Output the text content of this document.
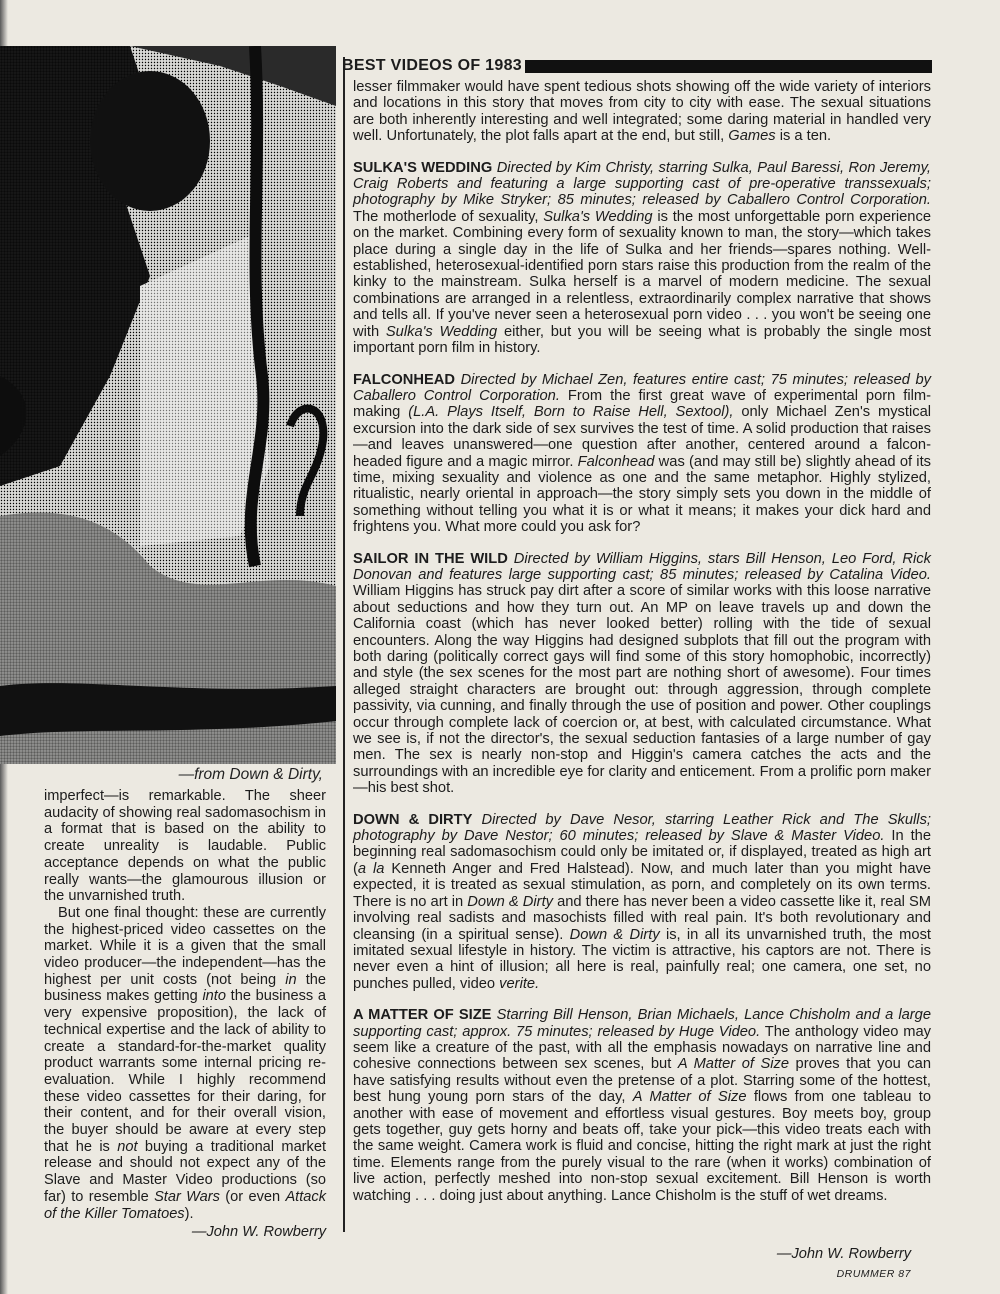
—from Down & Dirty,

imperfect—is remarkable. The sheer audacity of showing real sadomasochism in a format that is based on the ability to create unreality is laudable. Public acceptance depends on what the public really wants—the glamourous illusion or the unvarnished truth.

But one final thought: these are currently the highest-priced video cassettes on the market. While it is a given that the small video producer—the independent—has the highest per unit costs (not being in the business makes getting into the business a very expensive proposition), the lack of technical expertise and the lack of ability to create a standard-for-the-market quality product warrants some internal pricing re-evaluation. While I highly recommend these video cassettes for their daring, for their content, and for their overall vision, the buyer should be aware at every step that he is not buying a traditional market release and should not expect any of the Slave and Master Video productions (so far) to resemble Star Wars (or even Attack of the Killer Tomatoes).

—John W. Rowberry
BEST VIDEOS OF 1983

lesser filmmaker would have spent tedious shots showing off the wide variety of interiors and locations in this story that moves from city to city with ease. The sexual situations are both inherently interesting and well integrated; some daring material in handled very well. Unfortunately, the plot falls apart at the end, but still, Games is a ten.

SULKA'S WEDDING Directed by Kim Christy, starring Sulka, Paul Baressi, Ron Jeremy, Craig Roberts and featuring a large supporting cast of pre-operative transsexuals; photography by Mike Stryker; 85 minutes; released by Caballero Control Corporation. The motherlode of sexuality, Sulka's Wedding is the most unforgettable porn experience on the market. Combining every form of sexuality known to man, the story—which takes place during a single day in the life of Sulka and her friends—spares nothing. Well-established, heterosexual-identified porn stars raise this production from the realm of the kinky to the mainstream. Sulka herself is a marvel of modern medicine. The sexual combinations are arranged in a relentless, extraordinarily complex narrative that shows and tells all. If you've never seen a heterosexual porn video . . . you won't be seeing one with Sulka's Wedding either, but you will be seeing what is probably the single most important porn film in history.

FALCONHEAD Directed by Michael Zen, features entire cast; 75 minutes; released by Caballero Control Corporation. From the first great wave of experimental porn film-making (L.A. Plays Itself, Born to Raise Hell, Sextool), only Michael Zen's mystical excursion into the dark side of sex survives the test of time. A solid production that raises—and leaves unanswered—one question after another, centered around a falcon-headed figure and a magic mirror. Falconhead was (and may still be) slightly ahead of its time, mixing sexuality and violence as one and the same metaphor. Highly stylized, ritualistic, nearly oriental in approach—the story simply sets you down in the middle of something without telling you what it is or what it means; it makes your dick hard and frightens you. What more could you ask for?

SAILOR IN THE WILD Directed by William Higgins, stars Bill Henson, Leo Ford, Rick Donovan and features large supporting cast; 85 minutes; released by Catalina Video. William Higgins has struck pay dirt after a score of similar works with this loose narrative about seductions and how they turn out. An MP on leave travels up and down the California coast (which has never looked better) rolling with the tide of sexual encounters. Along the way Higgins had designed subplots that fill out the program with both daring (politically correct gays will find some of this story homophobic, incorrectly) and style (the sex scenes for the most part are nothing short of awesome). Four times alleged straight characters are brought out: through aggression, through complete passivity, via cunning, and finally through the use of position and power. Other couplings occur through complete lack of coercion or, at best, with calculated circumstance. What we see is, if not the director's, the sexual seduction fantasies of a large number of gay men. The sex is nearly non-stop and Higgin's camera catches the acts and the surroundings with an incredible eye for clarity and enticement. From a prolific porn maker—his best shot.

DOWN & DIRTY Directed by Dave Nesor, starring Leather Rick and The Skulls; photography by Dave Nestor; 60 minutes; released by Slave & Master Video. In the beginning real sadomasochism could only be imitated or, if displayed, treated as high art (a la Kenneth Anger and Fred Halstead). Now, and much later than you might have expected, it is treated as sexual stimulation, as porn, and completely on its own terms. There is no art in Down & Dirty and there has never been a video cassette like it, real SM involving real sadists and masochists filled with real pain. It's both revolutionary and cleansing (in a spiritual sense). Down & Dirty is, in all its unvarnished truth, the most imitated sexual lifestyle in history. The victim is attractive, his captors are not. There is never even a hint of illusion; all here is real, painfully real; one camera, one set, no punches pulled, video verite.

A MATTER OF SIZE Starring Bill Henson, Brian Michaels, Lance Chisholm and a large supporting cast; approx. 75 minutes; released by Huge Video. The anthology video may seem like a creature of the past, with all the emphasis nowadays on narrative line and cohesive connections between sex scenes, but A Matter of Size proves that you can have satisfying results without even the pretense of a plot. Starring some of the hottest, best hung young porn stars of the day, A Matter of Size flows from one tableau to another with ease of movement and effortless visual gestures. Boy meets boy, group gets together, guy gets horny and beats off, take your pick—this video treats each with the same weight. Camera work is fluid and concise, hitting the right mark at just the right time. Elements range from the purely visual to the rare (when it works) combination of live action, perfectly meshed into non-stop sexual excitement. Bill Henson is worth watching . . . doing just about anything. Lance Chisholm is the stuff of wet dreams.

—John W. Rowberry
DRUMMER 87
